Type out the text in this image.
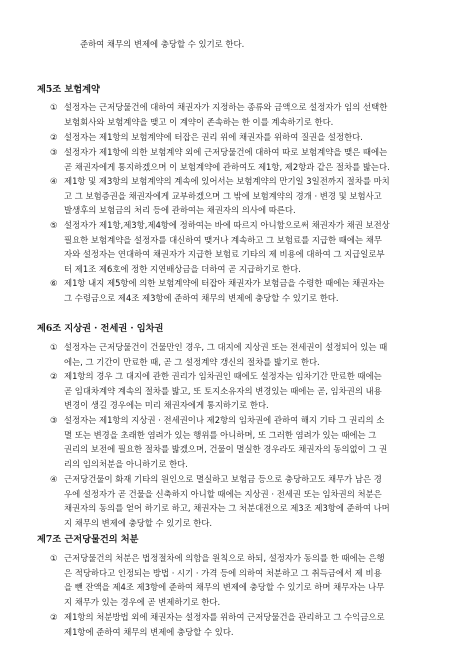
준하여 채무의 변제에 충당할 수 있기로 한다.
제5조 보험계약
① 설정자는 근저당물건에 대하여 채권자가 지정하는 종류와 금액으로 설정자가 임의 선택한
보험회사와 보험계약을 맺고 이 계약이 존속하는 한 이를 계속하기로 한다.
② 설정자는 제1항의 보험계약에 터잡은 권리 위에 채권자를 위하여 질권을 설정한다.
③ 설정자가 제1항에 의한 보험계약 외에 근저당물건에 대하여 따로 보험계약을 맺은 때에는
곧 채권자에게 통지하겠으며 이 보험계약에 관하여도 제1항, 제2항과 같은 절차를 밟는다.
④ 제1항 및 제3항의 보험계약의 계속에 있어서는 보험계약의 만기일 3일전까지 절차를 마치
고 그 보험증권을 채권자에게 교부하겠으며 그 밖에 보험계약의 경개 · 변경 및 보험사고
발생후의 보험금의 처리 등에 관하여는 채권자의 의사에 따른다.
⑤ 설정자가 제1항,제3항,제4항에 정하여는 바에 따르지 아니함으로써 채권자가 채권 보전상
필요한 보험계약을 설정자를 대신하여 맺거나 계속하고 그 보험료를 지급한 때에는 채무
자와 설정자는 연대하여 채권자가 지급한 보험료 기타의 제 비용에 대하여 그 지급일로부
터 제1조 제6호에 정한 지연배상금을 더하여 곧 지급하기로 한다.
⑥ 제1항 내지 제5항에 의한 보험계약에 터잡아 채권자가 보험금을 수령한 때에는 채권자는
그 수령금으로 제4조 제3항에 준하여 채무의 변제에 충당할 수 있기로 한다.
제6조 지상권 · 전세권 · 임차권
① 설정자는 근저당물건이 건물만인 경우, 그 대지에 지상권 또는 전세권이 설정되어 있는 때
에는, 그 기간이 만료한 때, 곧 그 설정계약 갱신의 절차를 밟기로 한다.
② 제1항의 경우 그 대지에 관한 권리가 임차권인 때에도 설정자는 임차기간 만료한 때에는
곧 임대차계약 계속의 절차를 밟고, 또 토지소유자의 변경있는 때에는 곧, 임차권의 내용
변경이 생길 경우에는 미리 채권자에게 통지하기로 한다.
③ 설정자는 제1항의 지상권 · 전세권이나 제2항의 임차권에 관하여 해지 기타 그 권리의 소
멸 또는 변경을 초래한 염려가 있는 행위를 아니하며, 또 그러한 염려가 있는 때에는 그
권리의 보전에 필요한 절차를 밟겠으며, 건물이 멸실한 경우라도 채권자의 동의없이 그 권
리의 임의처분을 아니하기로 한다.
④ 근저당건물이 화재 기타의 원인으로 멸실하고 보험금 등으로 충당하고도 채무가 남은 경
우에 설정자가 곧 건물을 신축하지 아니할 때에는 지상권 · 전세권 또는 임차권의 처분은
채권자의 동의를 얻어 하기로 하고, 채권자는 그 처분대전으로 제3조 제3항에 준하여 나머
지 채무의 변제에 충당할 수 있기로 한다.
제7조 근저당물건의 처분
① 근저당물건의 처분은 법정절차에 의함을 원칙으로 하되, 설정자가 동의를 한 때에는 은행
은 적당하다고 인정되는 방법 · 시기 · 가격 등에 의하여 처분하고 그 취득금에서 제 비용
을 뺀 잔액을 제4조 제3항에 준하여 채무의 변제에 충당할 수 있기로 하며 채무자는 나무
지 채무가 있는 경우에 곧 변제하기로 한다.
② 제1항의 처분방법 외에 채권자는 설정자를 위하여 근저당물건을 관리하고 그 수익금으로
제1항에 준하여 채무의 변제에 충당할 수 있다.
